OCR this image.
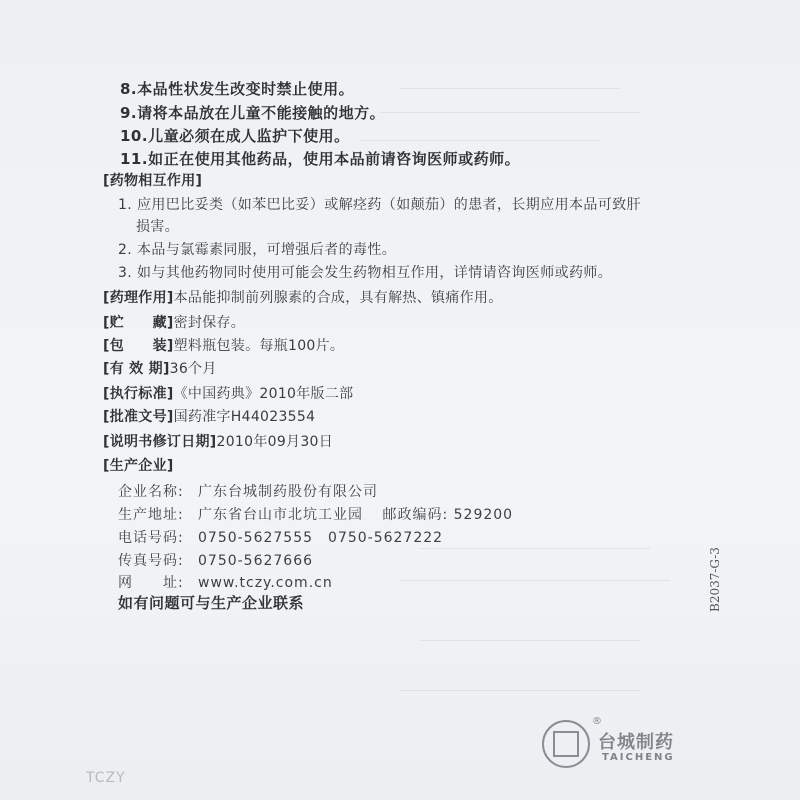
8.本品性状发生改变时禁止使用。
9.请将本品放在儿童不能接触的地方。
10.儿童必须在成人监护下使用。
11.如正在使用其他药品，使用本品前请咨询医师或药师。
[药物相互作用]
1. 应用巴比妥类（如苯巴比妥）或解痉药（如颠茄）的患者，长期应用本品可致肝
损害。
2. 本品与氯霉素同服，可增强后者的毒性。
3. 如与其他药物同时使用可能会发生药物相互作用，详情请咨询医师或药师。
[药理作用]本品能抑制前列腺素的合成，具有解热、镇痛作用。
[贮　　藏]密封保存。
[包　　装]塑料瓶包装。每瓶100片。
[有 效 期]36个月
[执行标准]《中国药典》2010年版二部
[批准文号]国药准字H44023554
[说明书修订日期]2010年09月30日
[生产企业]
企业名称: 广东台城制药股份有限公司
生产地址: 广东省台山市北坑工业园 邮政编码: 529200
电话号码: 0750-5627555　0750-5627222
传真号码: 0750-5627666
网　　址: www.tczy.com.cn
如有问题可与生产企业联系	B2037-G-3
®
台城制药
TAICHENG
TCZY
